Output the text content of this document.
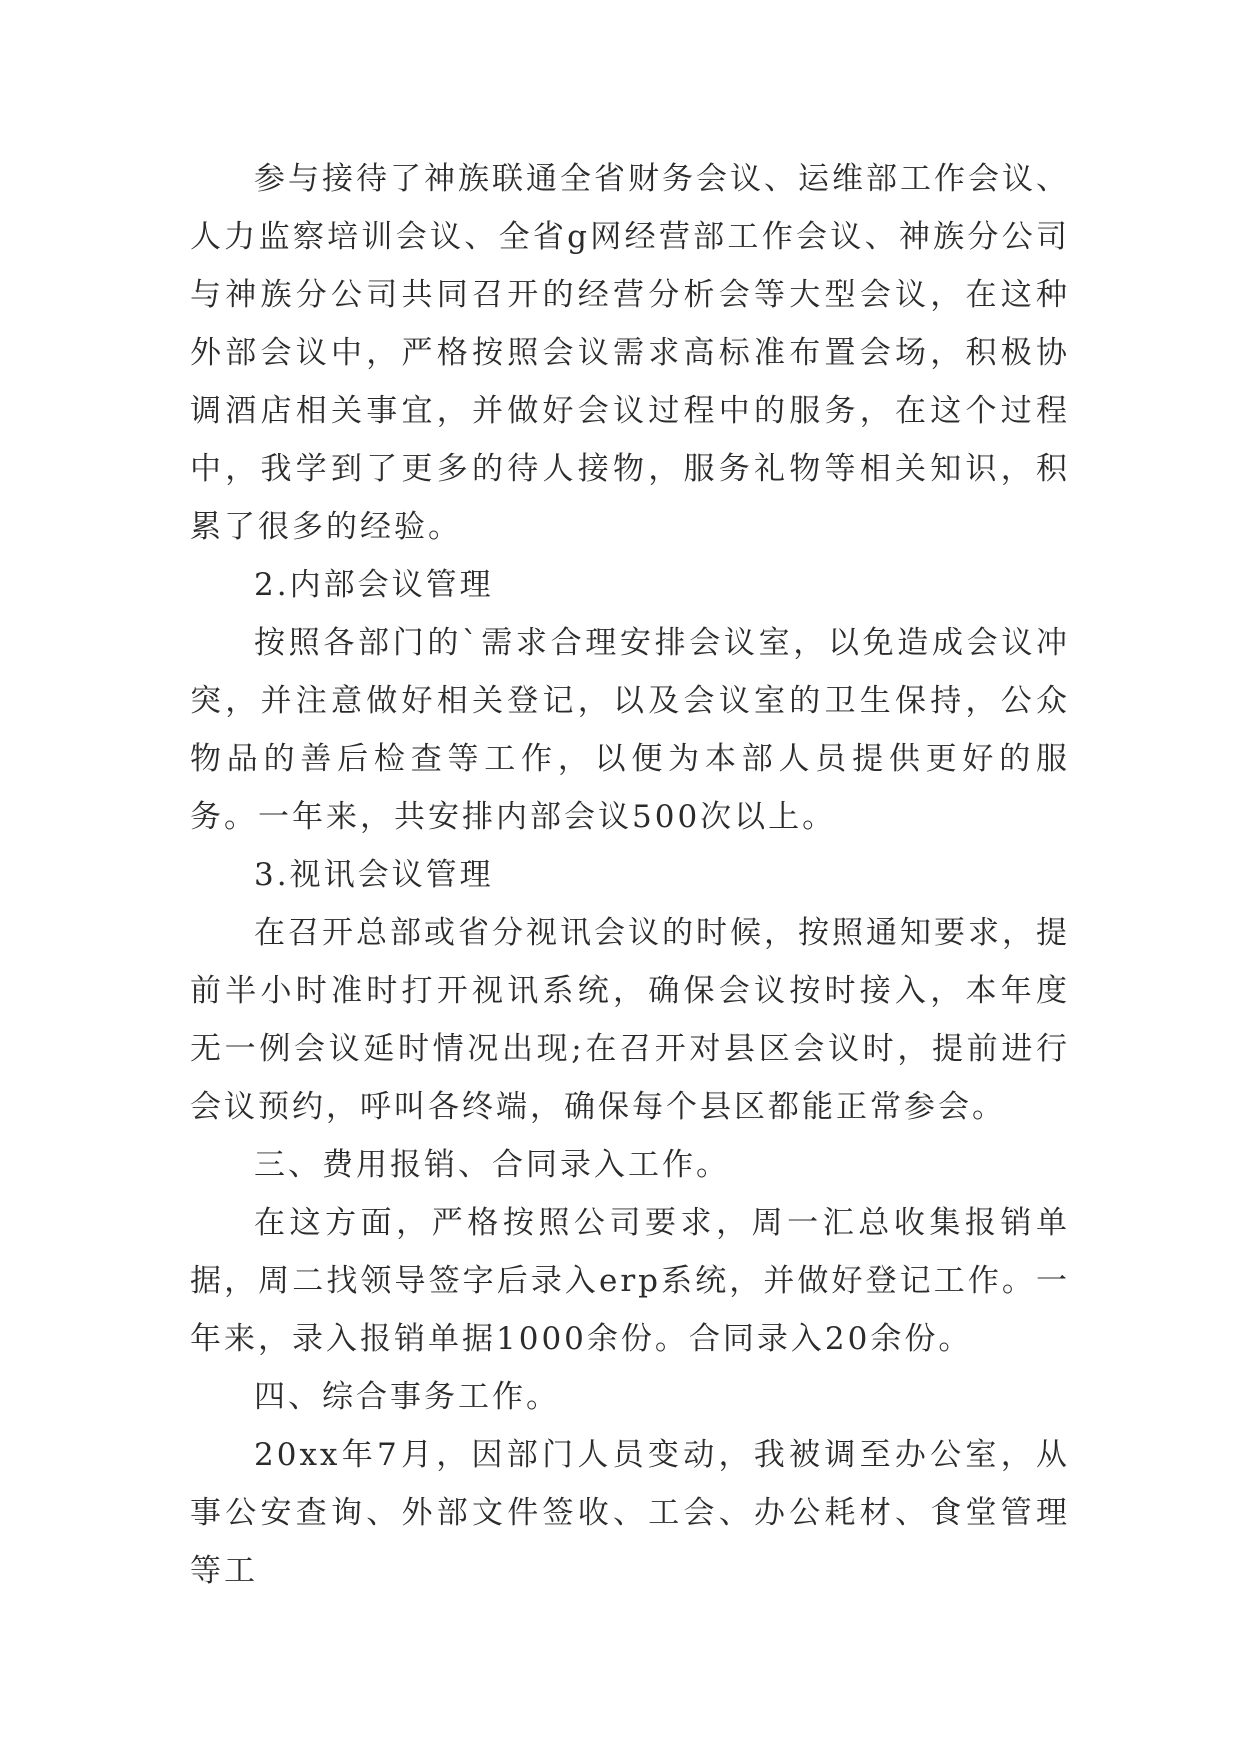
参与接待了神族联通全省财务会议、运维部工作会议、人力监察培训会议、全省g网经营部工作会议、神族分公司与神族分公司共同召开的经营分析会等大型会议，在这种外部会议中，严格按照会议需求高标准布置会场，积极协调酒店相关事宜，并做好会议过程中的服务，在这个过程中，我学到了更多的待人接物，服务礼物等相关知识，积累了很多的经验。

2.内部会议管理

按照各部门的`需求合理安排会议室，以免造成会议冲突，并注意做好相关登记，以及会议室的卫生保持，公众物品的善后检查等工作，以便为本部人员提供更好的服务。一年来，共安排内部会议500次以上。

3.视讯会议管理

在召开总部或省分视讯会议的时候，按照通知要求，提前半小时准时打开视讯系统，确保会议按时接入，本年度无一例会议延时情况出现;在召开对县区会议时，提前进行会议预约，呼叫各终端，确保每个县区都能正常参会。

三、费用报销、合同录入工作。

在这方面，严格按照公司要求，周一汇总收集报销单据，周二找领导签字后录入erp系统，并做好登记工作。一年来，录入报销单据1000余份。合同录入20余份。

四、综合事务工作。

20xx年7月，因部门人员变动，我被调至办公室，从事公安查询、外部文件签收、工会、办公耗材、食堂管理等工
